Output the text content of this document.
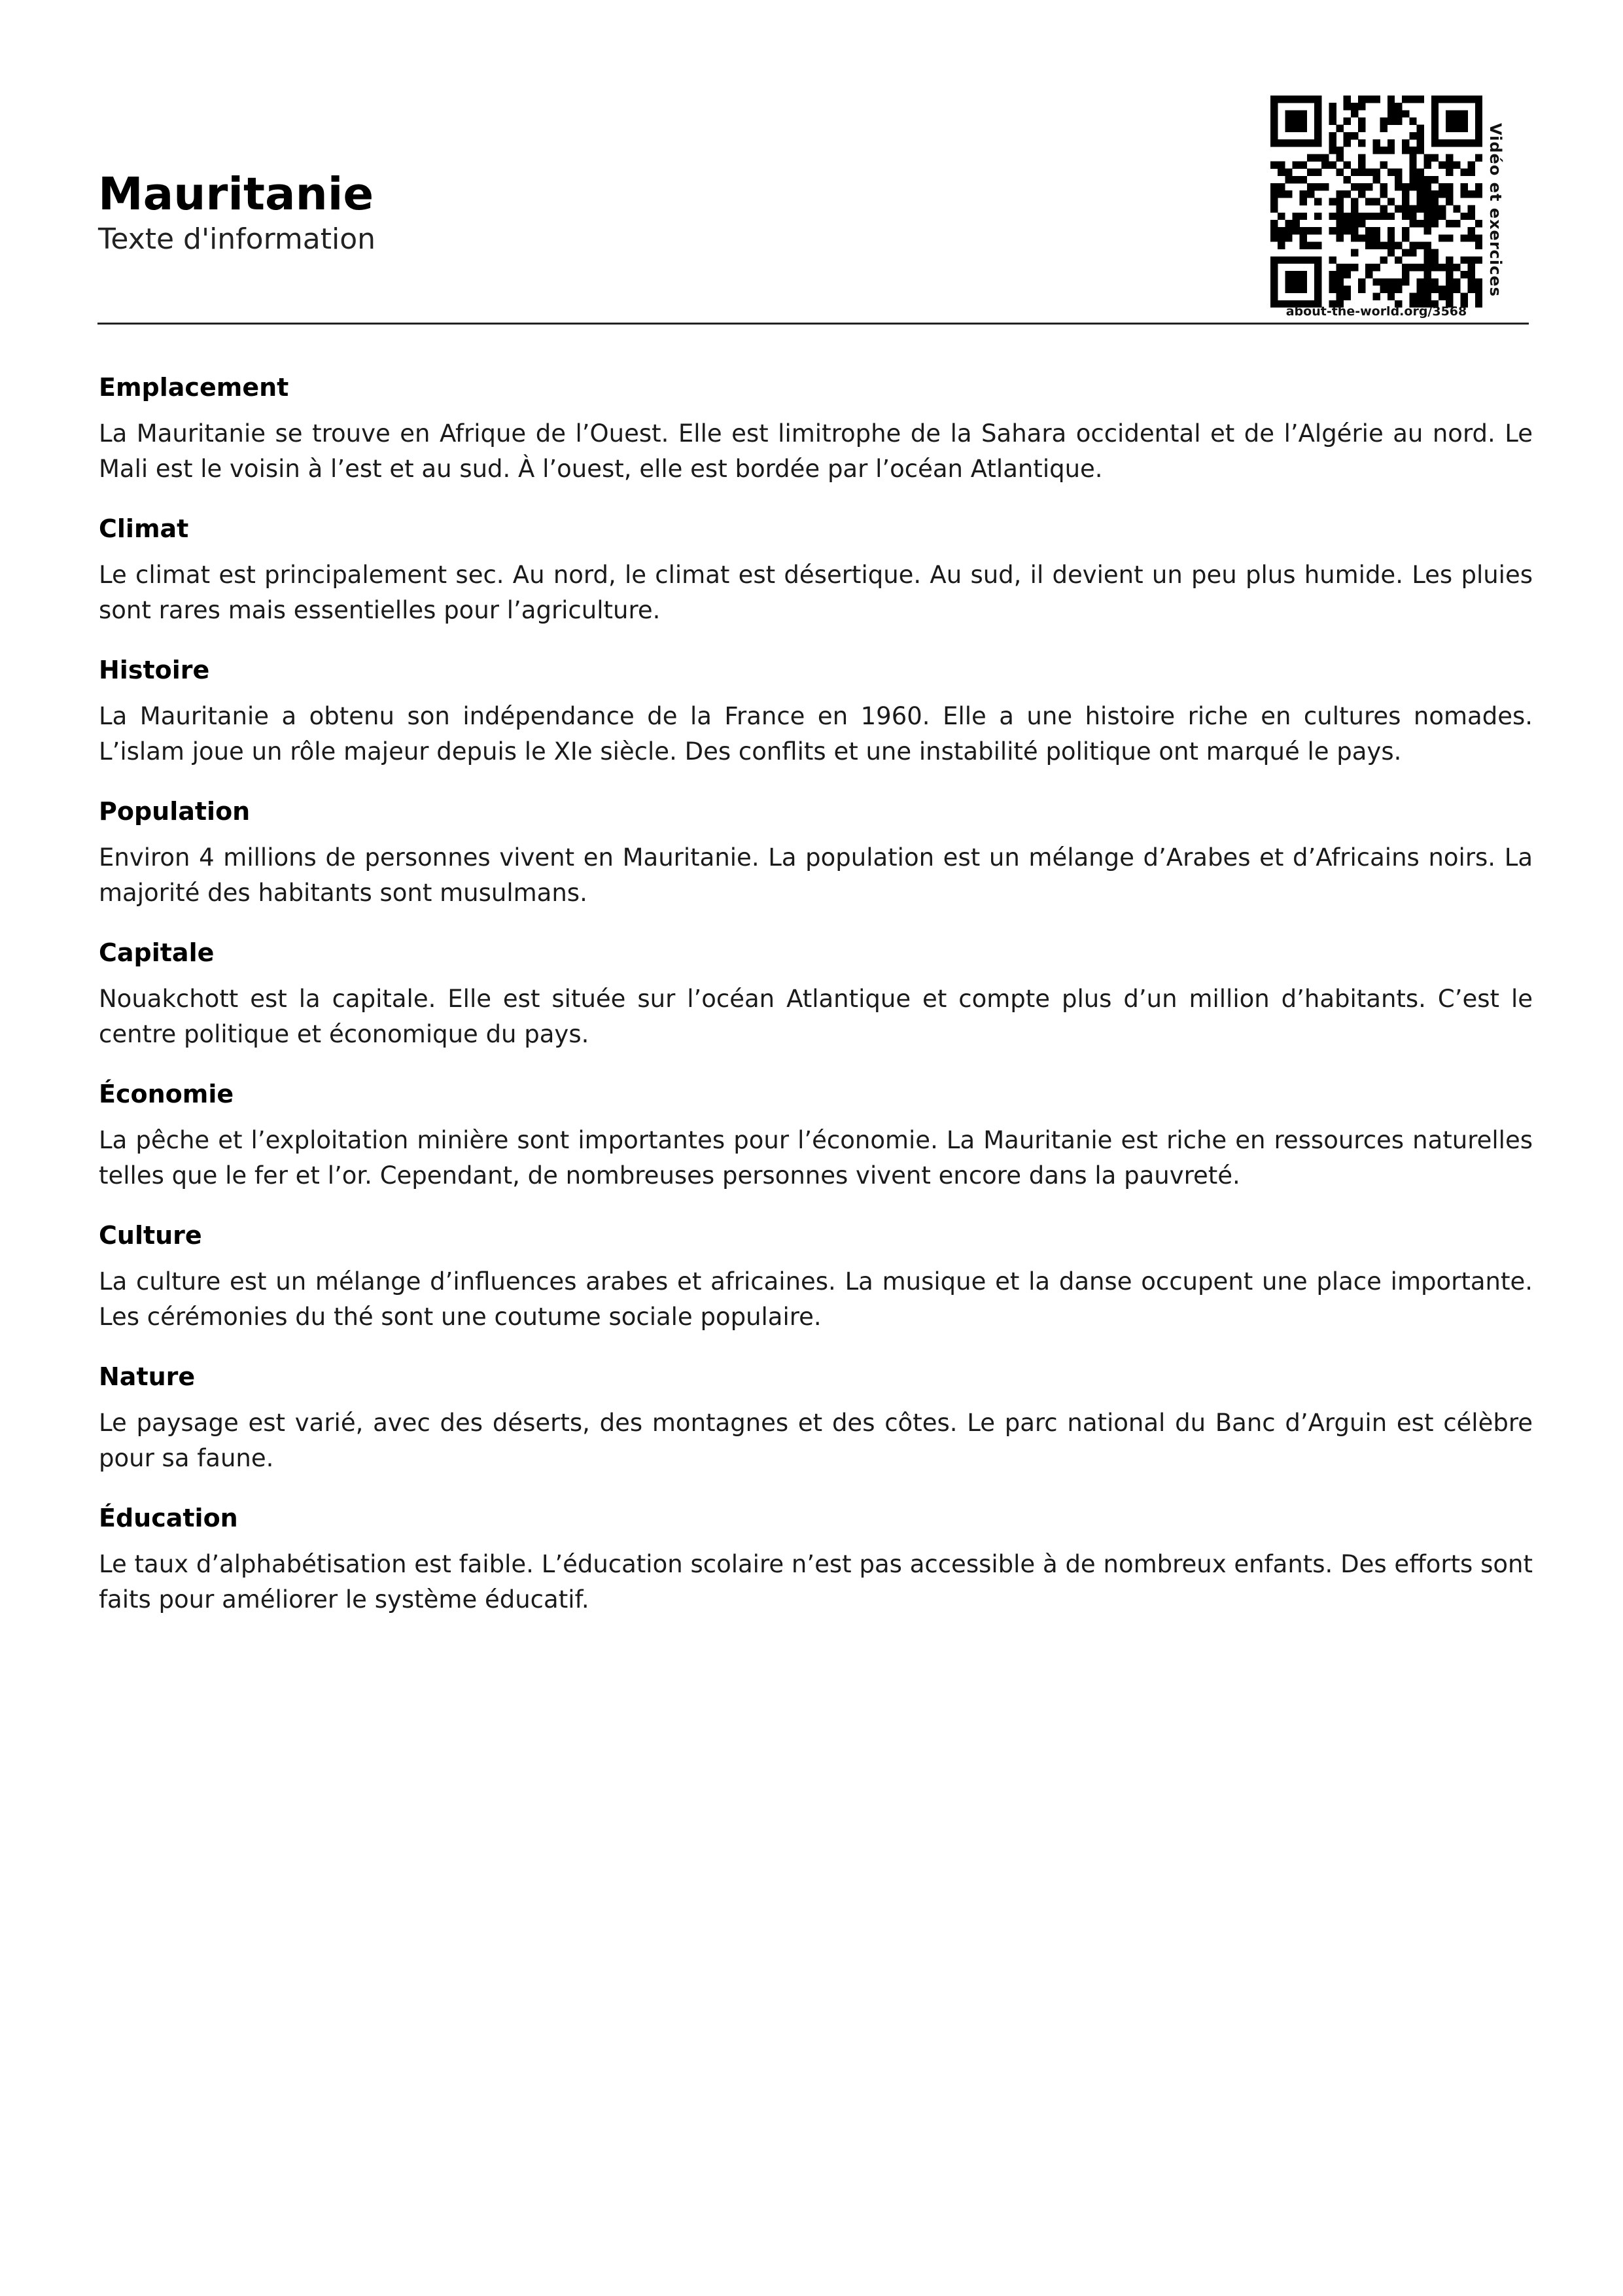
Mauritanie

Texte d'information

about-the-world.org/3568
Vidéo et exercices
Emplacement

La Mauritanie se trouve en Afrique de l’Ouest. Elle est limitrophe de la Sahara occidental et de l’Algérie au nord. Le Mali est le voisin à l’est et au sud. À l’ouest, elle est bordée par l’océan Atlantique.

Climat

Le climat est principalement sec. Au nord, le climat est désertique. Au sud, il devient un peu plus humide. Les pluies sont rares mais essentielles pour l’agriculture.

Histoire

La Mauritanie a obtenu son indépendance de la France en 1960. Elle a une histoire riche en cultures nomades. L’islam joue un rôle majeur depuis le XIe siècle. Des conflits et une instabilité politique ont marqué le pays.

Population

Environ 4 millions de personnes vivent en Mauritanie. La population est un mélange d’Arabes et d’Africains noirs. La majorité des habitants sont musulmans.

Capitale

Nouakchott est la capitale. Elle est située sur l’océan Atlantique et compte plus d’un million d’habitants. C’est le centre politique et économique du pays.

Économie

La pêche et l’exploitation minière sont importantes pour l’économie. La Mauritanie est riche en ressources naturelles telles que le fer et l’or. Cependant, de nombreuses personnes vivent encore dans la pauvreté.

Culture

La culture est un mélange d’influences arabes et africaines. La musique et la danse occupent une place importante. Les cérémonies du thé sont une coutume sociale populaire.

Nature

Le paysage est varié, avec des déserts, des montagnes et des côtes. Le parc national du Banc d’Arguin est célèbre pour sa faune.

Éducation

Le taux d’alphabétisation est faible. L’éducation scolaire n’est pas accessible à de nombreux enfants. Des efforts sont faits pour améliorer le système éducatif.
